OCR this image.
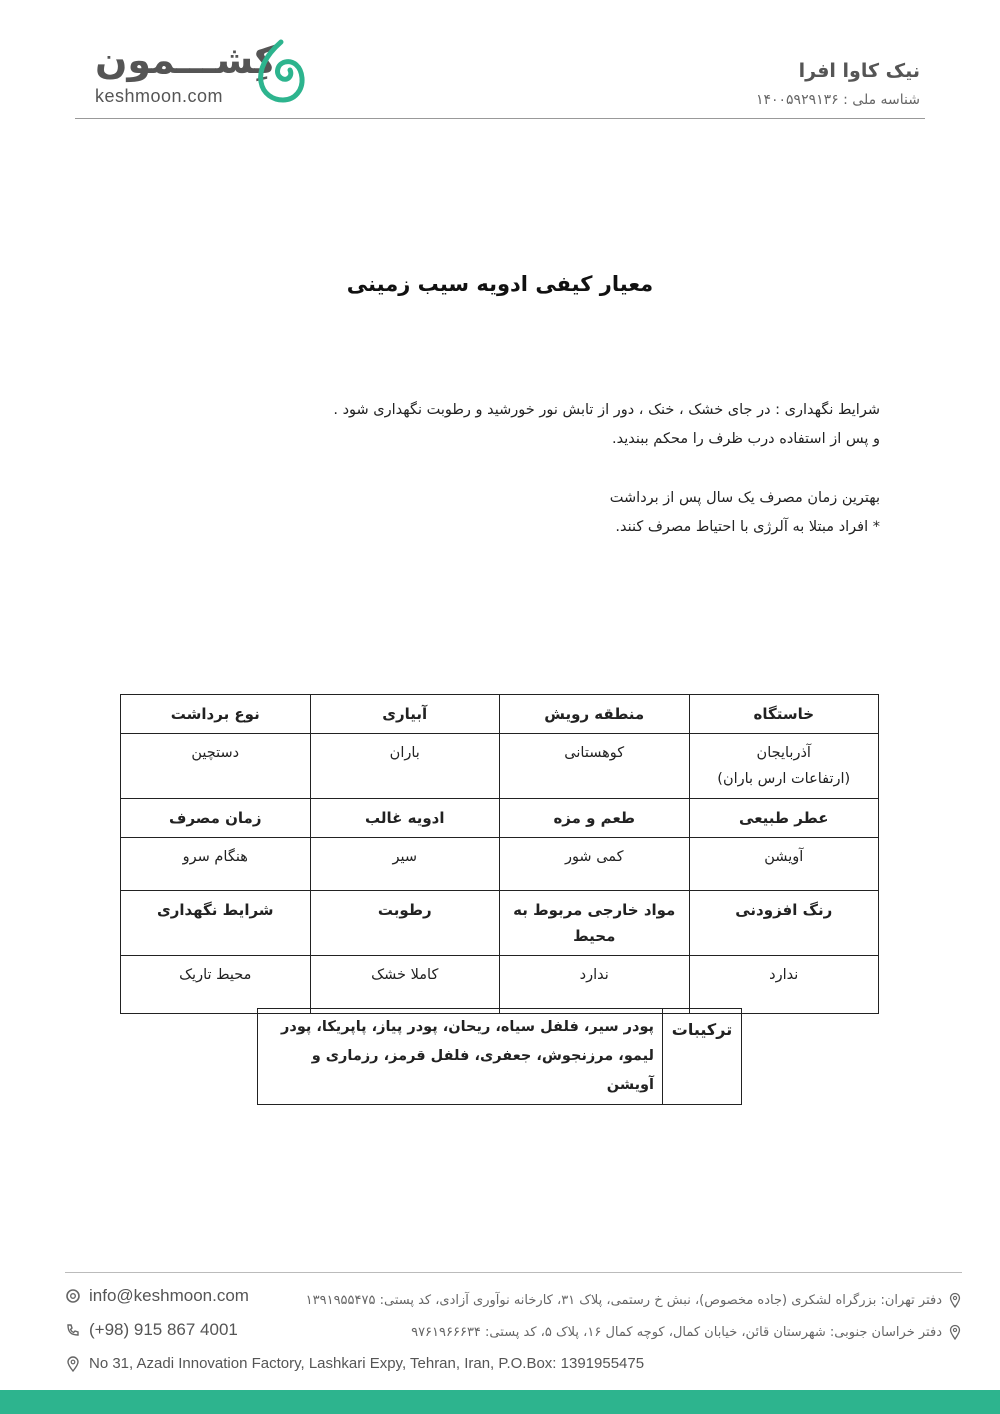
کِشـــمون
keshmoon.com
نیک کاوا افرا
شناسه ملی : ۱۴۰۰۵۹۲۹۱۳۶
معیار کیفی ادویه سیب زمینی
شرایط نگهداری : در جای خشک ، خنک ، دور از تابش نور خورشید و رطوبت نگهداری شود .
و پس از استفاده درب ظرف را محکم ببندید.
بهترین زمان مصرف یک سال پس از برداشت
* افراد مبتلا به آلرژی با احتیاط مصرف کنند.
خاستگاه	منطقه رویش	آبیاری	نوع برداشت
آذربایجان
(ارتفاعات ارس باران)	کوهستانی	باران	دستچین
عطر طبیعی	طعم و مزه	ادویه غالب	زمان مصرف
آویشن	کمی شور	سیر	هنگام سرو
رنگ افزودنی	مواد خارجی مربوط به محیط	رطوبت	شرایط نگهداری
ندارد	ندارد	کاملا خشک	محیط تاریک
ترکیبات	پودر سیر، فلفل سیاه، ریحان، پودر پیاز، پاپریکا، پودر لیمو، مرزنجوش، جعفری، فلفل قرمز، رزماری و آویشن
info@keshmoon.com
(+98) 915 867 4001
No 31, Azadi Innovation Factory, Lashkari Expy, Tehran, Iran, P.O.Box: 1391955475
دفتر تهران: بزرگراه لشکری (جاده مخصوص)، نبش خ رستمی، پلاک ۳۱، کارخانه نوآوری آزادی، کد پستی: ۱۳۹۱۹۵۵۴۷۵
دفتر خراسان جنوبی: شهرستان قائن، خیابان کمال، کوچه کمال ۱۶، پلاک ۵، کد پستی: ۹۷۶۱۹۶۶۶۳۴
